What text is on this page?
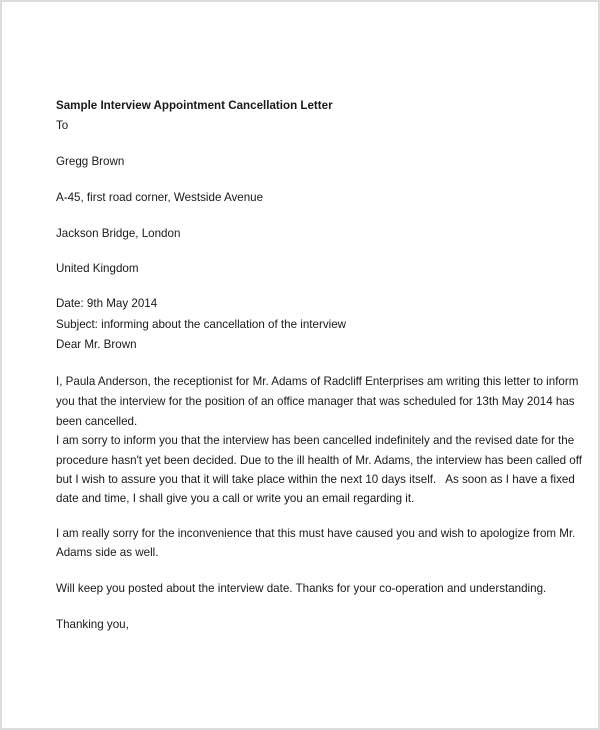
Sample Interview Appointment Cancellation Letter
To
Gregg Brown
A-45, first road corner, Westside Avenue
Jackson Bridge, London
United Kingdom
Date: 9th May 2014
Subject: informing about the cancellation of the interview
Dear Mr. Brown
I, Paula Anderson, the receptionist for Mr. Adams of Radcliff Enterprises am writing this letter to inform
you that the interview for the position of an office manager that was scheduled for 13th May 2014 has
been cancelled.
I am sorry to inform you that the interview has been cancelled indefinitely and the revised date for the
procedure hasn't yet been decided. Due to the ill health of Mr. Adams, the interview has been called off
but I wish to assure you that it will take place within the next 10 days itself.   As soon as I have a fixed
date and time, I shall give you a call or write you an email regarding it.
I am really sorry for the inconvenience that this must have caused you and wish to apologize from Mr.
Adams side as well.
Will keep you posted about the interview date. Thanks for your co-operation and understanding.
Thanking you,
